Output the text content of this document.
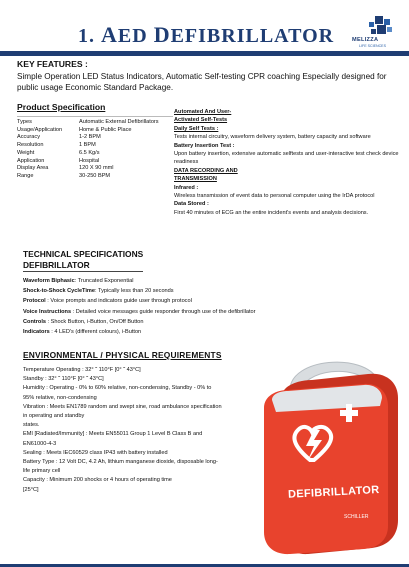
1. AED DEFIBRILLATOR	MELIZZA
LIFE SCIENCES
KEY FEATURES :
Simple Operation LED Status Indicators, Automatic Self-testing CPR coaching Especially designed for public usage Economic Standard Package.
Product Specification
Types	Automatic External Defibrillators
Usage/Application	Home & Public Place
Accuracy	1-2 BPM
Resolution	1 BPM
Weight	6.5 Kg/s
Application	Hospital
Display Area	120 X 90 mml
Range	30-250 BPM
Automated And User-
Activated Self-Tests
Daily Self Tests :
Tests internal circuitry, waveform delivery system, battery capacity and software
Battery Insertion Test :
Upon battery insertion, extensive automatic selftests and user-interactive test check device readiness
DATA RECORDING AND
TRANSMISSION
Infrared :
Wireless transmission of event data to personal computer using the IrDA protocol
Data Stored :
First 40 minutes of ECG an the entire incident's events and analysis decisions.
TECHNICAL SPECIFICATIONS
DEFIBRILLATOR
Waveform Biphasic: Truncated Exponential
Shock-to-Shock CycleTime: Typically less than 20 seconds
Protocol : Voice prompts and indicators guide user through protocol
Voice Instructions : Detailed voice messages guide responder through use of the defibrillator
Controls : Shock Button, i-Button, On/Off Button
Indicators : 4 LED's (different colours), i-Button
ENVIRONMENTAL / PHYSICAL REQUIREMENTS
Temperature Operating : 32° ˜ 110°F [0° ˜ 43°C]
Standby : 32° ˜ 110°F [0° ˜ 43°C]
Humidity : Operating - 0% to 60% relative, non-condensing, Standby - 0% to
95% relative, non-condensing
Vibration : Meets EN1789 random and swept sine, road ambulance specification
in operating and standby
states.
EMI [Radiated/Immunity] : Meets EN55011 Group 1 Level B Class B and
EN61000-4-3
Sealing : Meets IEC60529 class IP43 with battery installed
Battery Type : 12 Volt DC, 4.2 Ah, lithium manganese dioxide, disposable long-
life primary cell
Capacity : Minimum 200 shocks or 4 hours of operating time
[25°C]	DEFIBRILLATOR
SCHILLER
